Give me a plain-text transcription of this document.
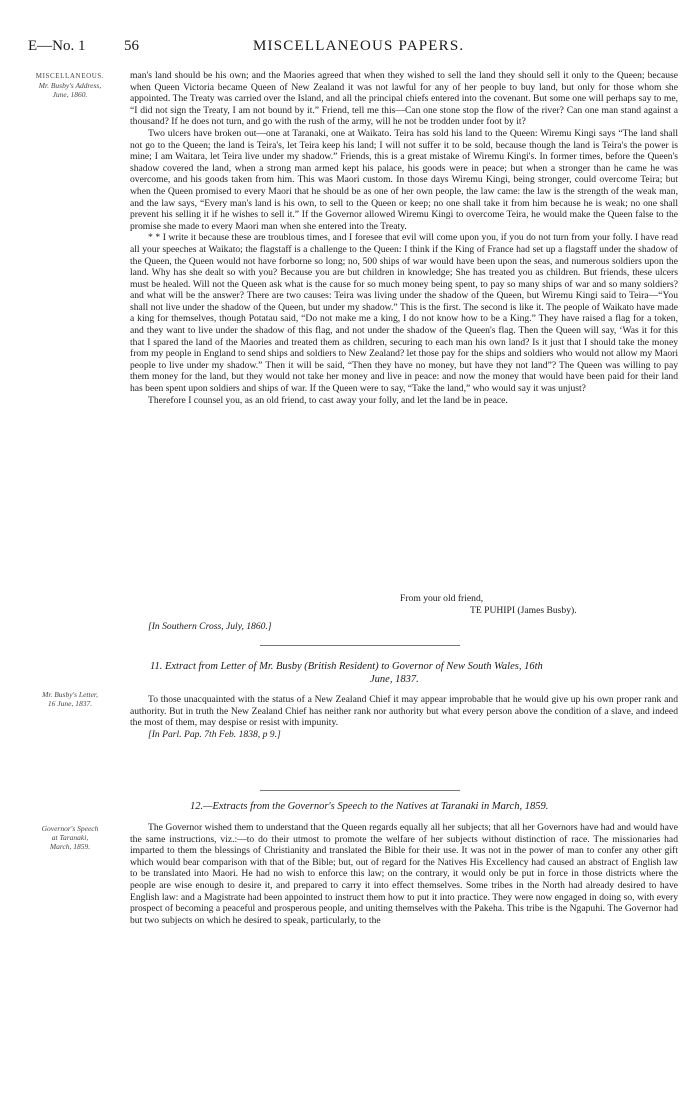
E—No. 1	56	MISCELLANEOUS PAPERS.
MISCELLANEOUS.
Mr. Busby's Address,
June, 1860.

man's land should be his own; and the Maories agreed that when they wished to sell the land they should sell it only to the Queen; because when Queen Victoria became Queen of New Zealand it was not lawful for any of her people to buy land, but only for those whom she appointed. The Treaty was carried over the Island, and all the principal chiefs entered into the covenant. But some one will perhaps say to me, “I did not sign the Treaty, I am not bound by it.” Friend, tell me this—Can one stone stop the flow of the river? Can one man stand against a thousand? If he does not turn, and go with the rush of the army, will he not be trodden under foot by it?

Two ulcers have broken out—one at Taranaki, one at Waikato. Teira has sold his land to the Queen: Wiremu Kingi says “The land shall not go to the Queen; the land is Teira's, let Teira keep his land; I will not suffer it to be sold, because though the land is Teira's the power is mine; I am Waitara, let Teira live under my shadow.” Friends, this is a great mistake of Wiremu Kingi's. In former times, before the Queen's shadow covered the land, when a strong man armed kept his palace, his goods were in peace; but when a stronger than he came he was overcome, and his goods taken from him. This was Maori custom. In those days Wiremu Kingi, being stronger, could overcome Teira; but when the Queen promised to every Maori that he should be as one of her own people, the law came: the law is the strength of the weak man, and the law says, “Every man's land is his own, to sell to the Queen or keep; no one shall take it from him because he is weak; no one shall prevent his selling it if he wishes to sell it.” If the Governor allowed Wiremu Kingi to overcome Teira, he would make the Queen false to the promise she made to every Maori man when she entered into the Treaty.

* * I write it because these are troublous times, and I foresee that evil will come upon you, if you do not turn from your folly. I have read all your speeches at Waikato; the flagstaff is a challenge to the Queen: I think if the King of France had set up a flagstaff under the shadow of the Queen, the Queen would not have forborne so long; no, 500 ships of war would have been upon the seas, and numerous soldiers upon the land. Why has she dealt so with you? Because you are but children in knowledge; She has treated you as children. But friends, these ulcers must be healed. Will not the Queen ask what is the cause for so much money being spent, to pay so many ships of war and so many soldiers? and what will be the answer? There are two causes: Teira was living under the shadow of the Queen, but Wiremu Kingi said to Teira—“You shall not live under the shadow of the Queen, but under my shadow.” This is the first. The second is like it. The people of Waikato have made a king for themselves, though Potatau said, “Do not make me a king, I do not know how to be a King.” They have raised a flag for a token, and they want to live under the shadow of this flag, and not under the shadow of the Queen's flag. Then the Queen will say, ‘Was it for this that I spared the land of the Maories and treated them as children, securing to each man his own land? Is it just that I should take the money from my people in England to send ships and soldiers to New Zealand? let those pay for the ships and soldiers who would not allow my Maori people to live under my shadow.” Then it will be said, “Then they have no money, but have they not land”? The Queen was willing to pay them money for the land, but they would not take her money and live in peace: and now the money that would have been paid for their land has been spent upon soldiers and ships of war. If the Queen were to say, “Take the land,” who would say it was unjust?

Therefore I counsel you, as an old friend, to cast away your folly, and let the land be in peace.

From your old friend,
TE PUHIPI (James Busby).
[In Southern Cross, July, 1860.]
11. Extract from Letter of Mr. Busby (British Resident) to Governor of New South Wales, 16th
June, 1837.
Mr. Busby's Letter,
16 June, 1837.	To those unacquainted with the status of a New Zealand Chief it may appear improbable that he would give up his own proper rank and authority. But in truth the New Zealand Chief has neither rank nor authority but what every person above the condition of a slave, and indeed the most of them, may despise or resist with impunity.

[In Parl. Pap. 7th Feb. 1838, p 9.]

12.—Extracts from the Governor's Speech to the Natives at Taranaki in March, 1859.
Governor's Speech
at Taranaki,
March, 1859.

The Governor wished them to understand that the Queen regards equally all her subjects; that all her Governors have had and would have the same instructions, viz.:—to do their utmost to promote the welfare of her subjects without distinction of race. The missionaries had imparted to them the blessings of Christianity and translated the Bible for their use. It was not in the power of man to confer any other gift which would bear comparison with that of the Bible; but, out of regard for the Natives His Excellency had caused an abstract of English law to be translated into Maori. He had no wish to enforce this law; on the contrary, it would only be put in force in those districts where the people are wise enough to desire it, and prepared to carry it into effect themselves. Some tribes in the North had already desired to have English law: and a Magistrate had been appointed to instruct them how to put it into practice. They were now engaged in doing so, with every prospect of becoming a peaceful and prosperous people, and uniting themselves with the Pakeha. This tribe is the Ngapuhi. The Governor had but two subjects on which he desired to speak, particularly, to the
